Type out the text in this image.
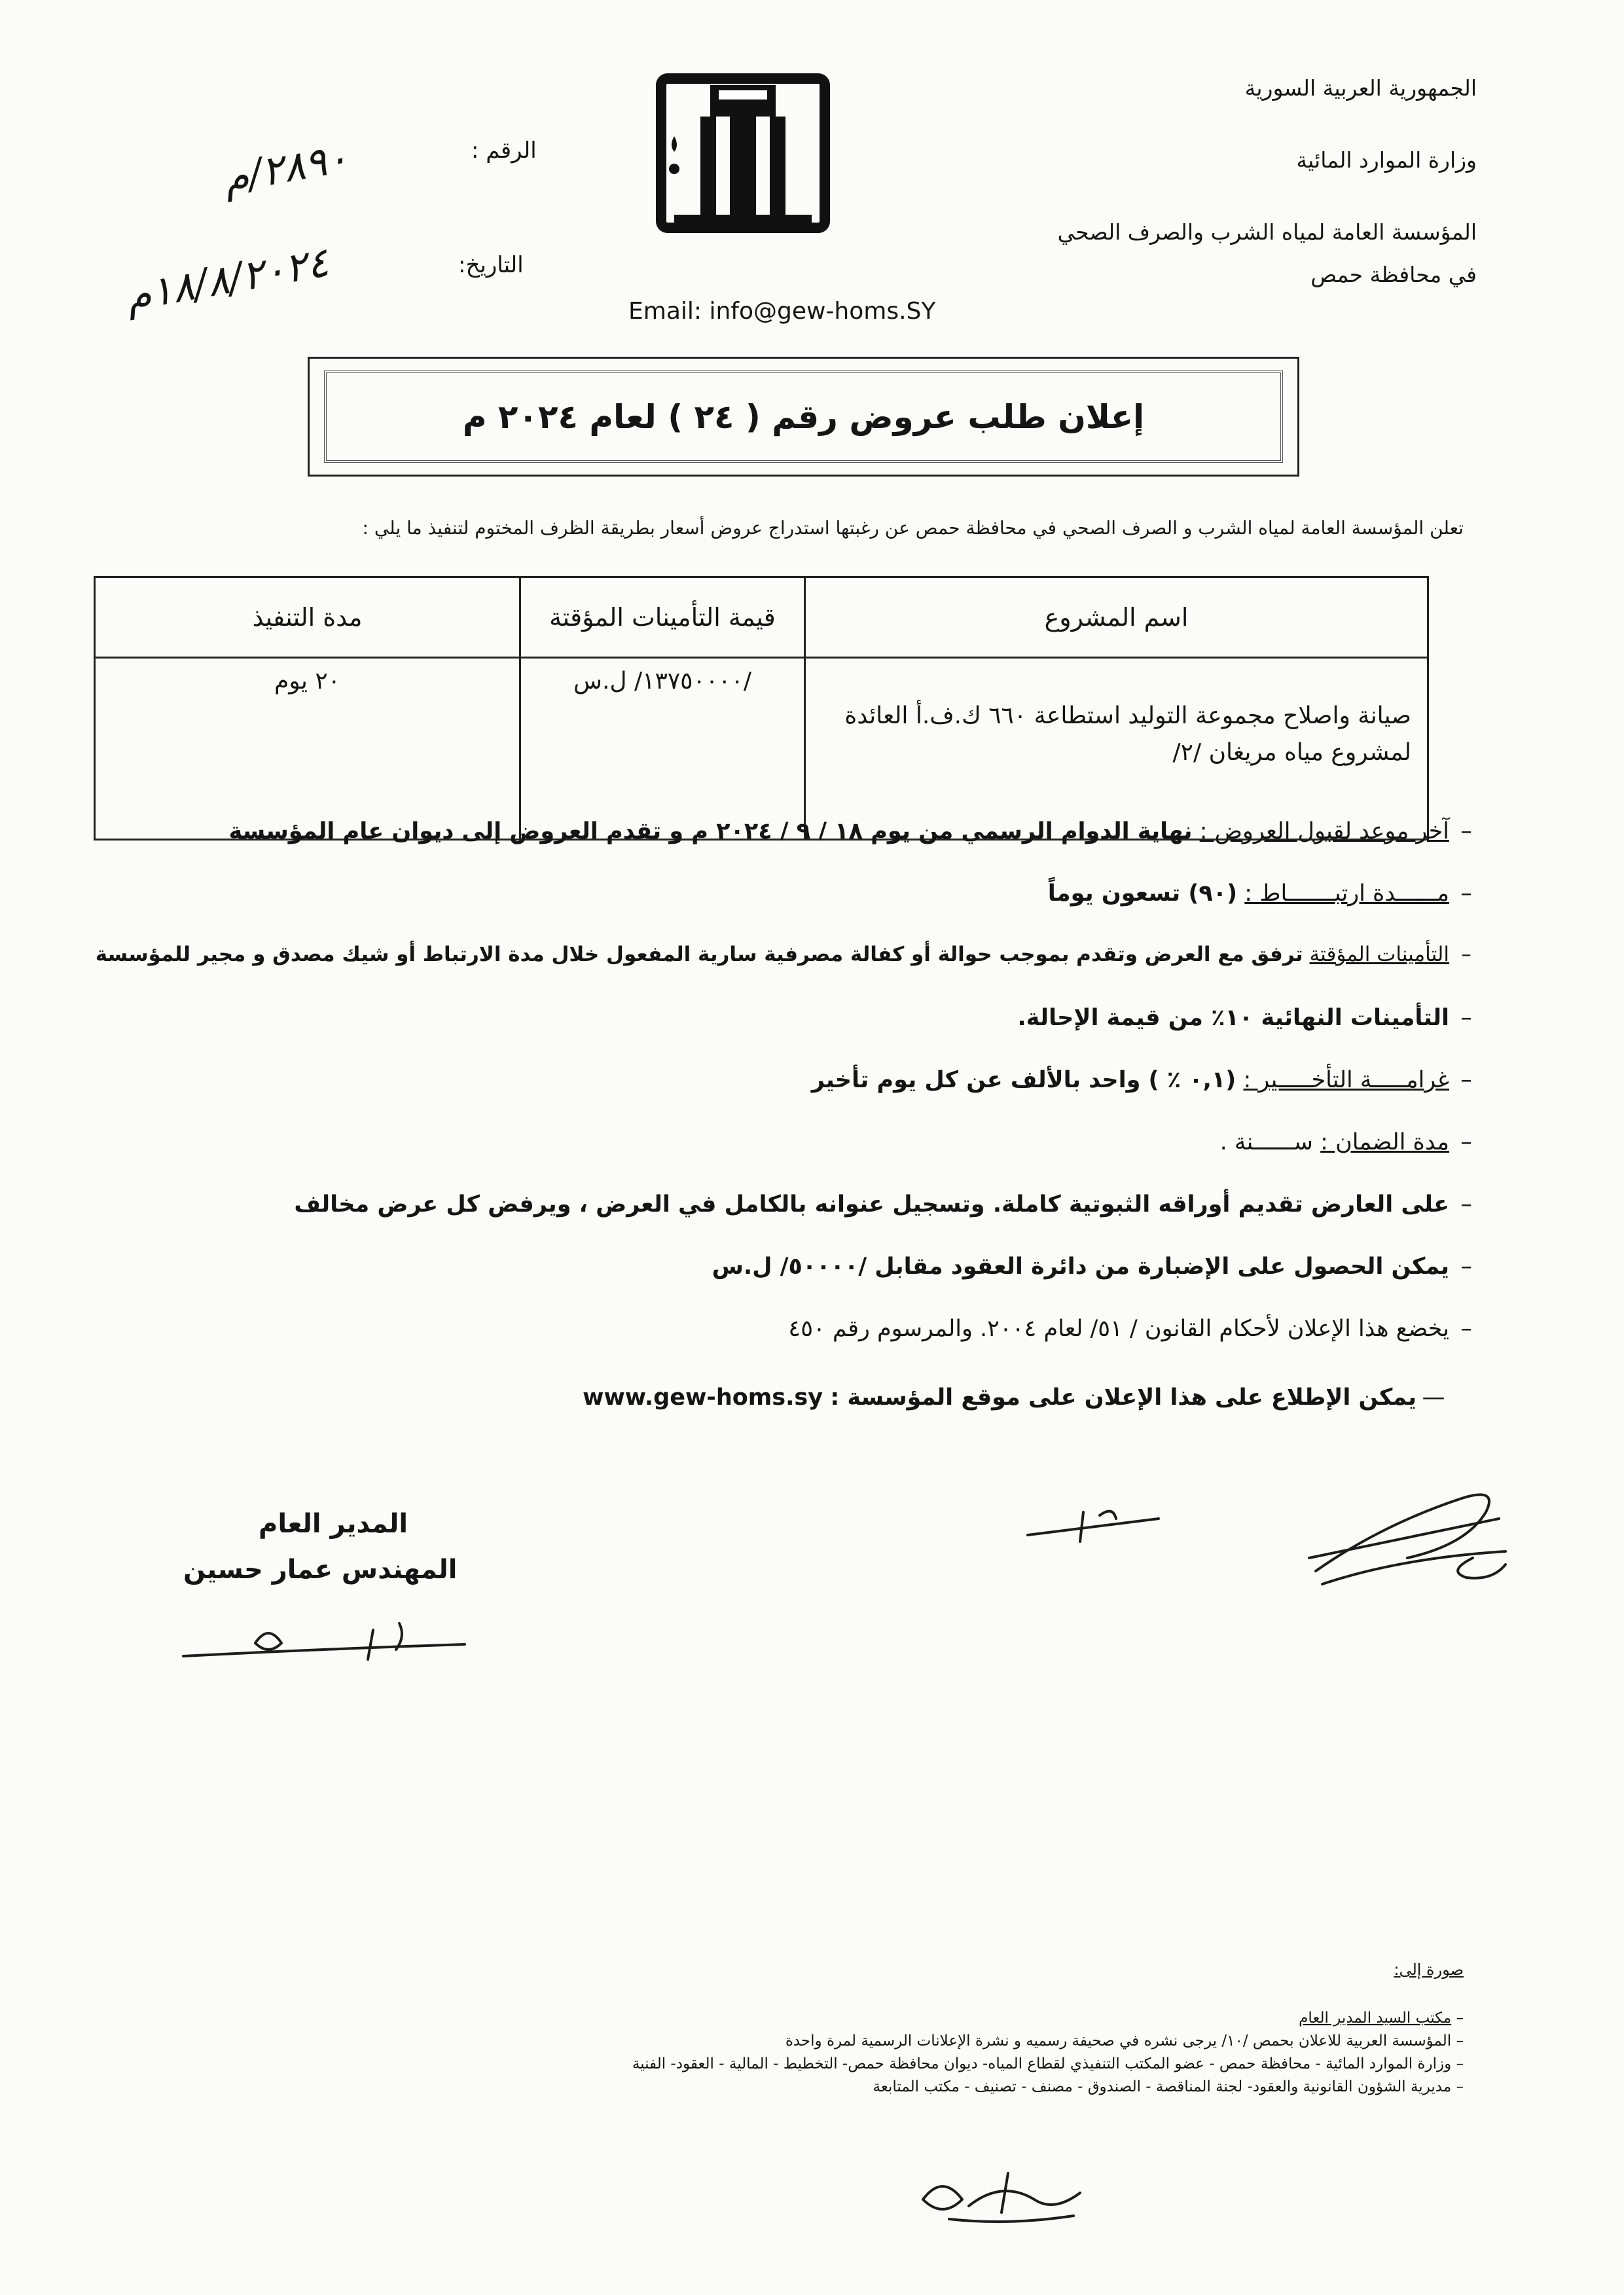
الجمهورية العربية السورية
وزارة الموارد المائية
المؤسسة العامة لمياه الشرب والصرف الصحي
في محافظة حمص
Email: info@gew-homs.SY
الرقم :
٢٨٩٠/م
التاريخ:
١٨/٨/٢٠٢٤م
إعلان طلب عروض رقم ( ٢٤ ) لعام ٢٠٢٤ م
تعلن المؤسسة العامة لمياه الشرب و الصرف الصحي في محافظة حمص عن رغبتها استدراج عروض أسعار بطريقة الظرف المختوم لتنفيذ ما يلي :
اسم المشروع	قيمة التأمينات المؤقتة	مدة التنفيذ
صيانة واصلاح مجموعة التوليد استطاعة ٦٦٠ ك.ف.أ العائدة لمشروع مياه مريغان /٢/	/١٣٧٥٠٠٠٠/ ل.س	٢٠ يوم
–آخر موعد لقبول العروض : نهاية الدوام الرسمي من يوم ١٨ / ٩ / ٢٠٢٤ م و تقدم العروض إلى ديوان عام المؤسسة
–مــــــدة ارتبـــــــاط : (٩٠) تسعون يوماً
–التأمينات المؤقتة ترفق مع العرض وتقدم بموجب حوالة أو كفالة مصرفية سارية المفعول خلال مدة الارتباط أو شيك مصدق و مجير للمؤسسة
–التأمينات النهائية ١٠٪ من قيمة الإحالة.
–غرامـــــة التأخـــــير : (٠,١ ٪ ) واحد بالألف عن كل يوم تأخير
–مدة الضمان : ســــــنة .
–على العارض تقديم أوراقه الثبوتية كاملة. وتسجيل عنوانه بالكامل في العرض ، ويرفض كل عرض مخالف
–يمكن الحصول على الإضبارة من دائرة العقود مقابل /٥٠٠٠٠/ ل.س
–يخضع هذا الإعلان لأحكام القانون / ٥١/ لعام ٢٠٠٤. والمرسوم رقم ٤٥٠
—يمكن الإطلاع على هذا الإعلان على موقع المؤسسة : www.gew-homs.sy
المدير العام
المهندس عمار حسين
صورة إلى:
– مكتب السيد المدير العام
– المؤسسة العربية للاعلان بحمص /١٠/ يرجى نشره في صحيفة رسميه و نشرة الإعلانات الرسمية لمرة واحدة
– وزارة الموارد المائية - محافظة حمص - عضو المكتب التنفيذي لقطاع المياه- ديوان محافظة حمص- التخطيط - المالية - العقود- الفنية
– مديرية الشؤون القانونية والعقود- لجنة المناقصة - الصندوق - مصنف - تصنيف - مكتب المتابعة
